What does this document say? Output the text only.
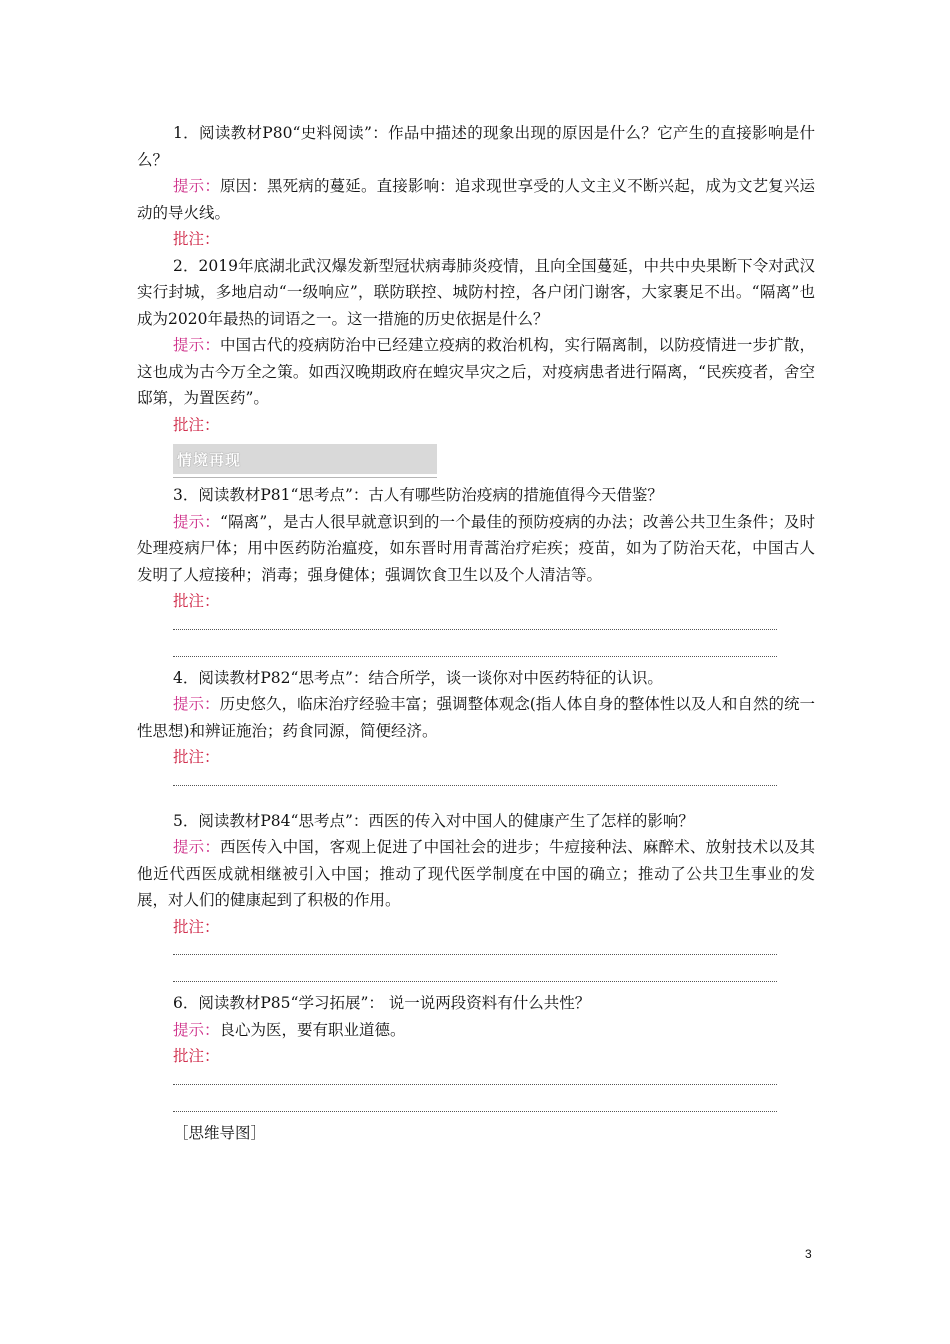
1．阅读教材P80“史料阅读”：作品中描述的现象出现的原因是什么？它产生的直接影响是什么？

提示：原因：黑死病的蔓延。直接影响：追求现世享受的人文主义不断兴起，成为文艺复兴运动的导火线。

批注：

2．2019年底湖北武汉爆发新型冠状病毒肺炎疫情，且向全国蔓延，中共中央果断下令对武汉实行封城，多地启动“一级响应”，联防联控、城防村控，各户闭门谢客，大家裹足不出。“隔离”也成为2020年最热的词语之一。这一措施的历史依据是什么？

提示：中国古代的疫病防治中已经建立疫病的救治机构，实行隔离制，以防疫情进一步扩散，这也成为古今万全之策。如西汉晚期政府在蝗灾旱灾之后，对疫病患者进行隔离，“民疾疫者，舍空邸第，为置医药”。

批注：

情境再现

3．阅读教材P81“思考点”：古人有哪些防治疫病的措施值得今天借鉴？

提示：“隔离”，是古人很早就意识到的一个最佳的预防疫病的办法；改善公共卫生条件；及时处理疫病尸体；用中医药防治瘟疫，如东晋时用青蒿治疗疟疾；疫苗，如为了防治天花，中国古人发明了人痘接种；消毒；强身健体；强调饮食卫生以及个人清洁等。

批注：

4．阅读教材P82“思考点”：结合所学，谈一谈你对中医药特征的认识。

提示：历史悠久，临床治疗经验丰富；强调整体观念(指人体自身的整体性以及人和自然的统一性思想)和辨证施治；药食同源，简便经济。

批注：

5．阅读教材P84“思考点”：西医的传入对中国人的健康产生了怎样的影响？

提示：西医传入中国，客观上促进了中国社会的进步；牛痘接种法、麻醉术、放射技术以及其他近代西医成就相继被引入中国；推动了现代医学制度在中国的确立；推动了公共卫生事业的发展，对人们的健康起到了积极的作用。

批注：

6．阅读教材P85“学习拓展”： 说一说两段资料有什么共性？

提示：良心为医，要有职业道德。

批注：

［思维导图］

3
